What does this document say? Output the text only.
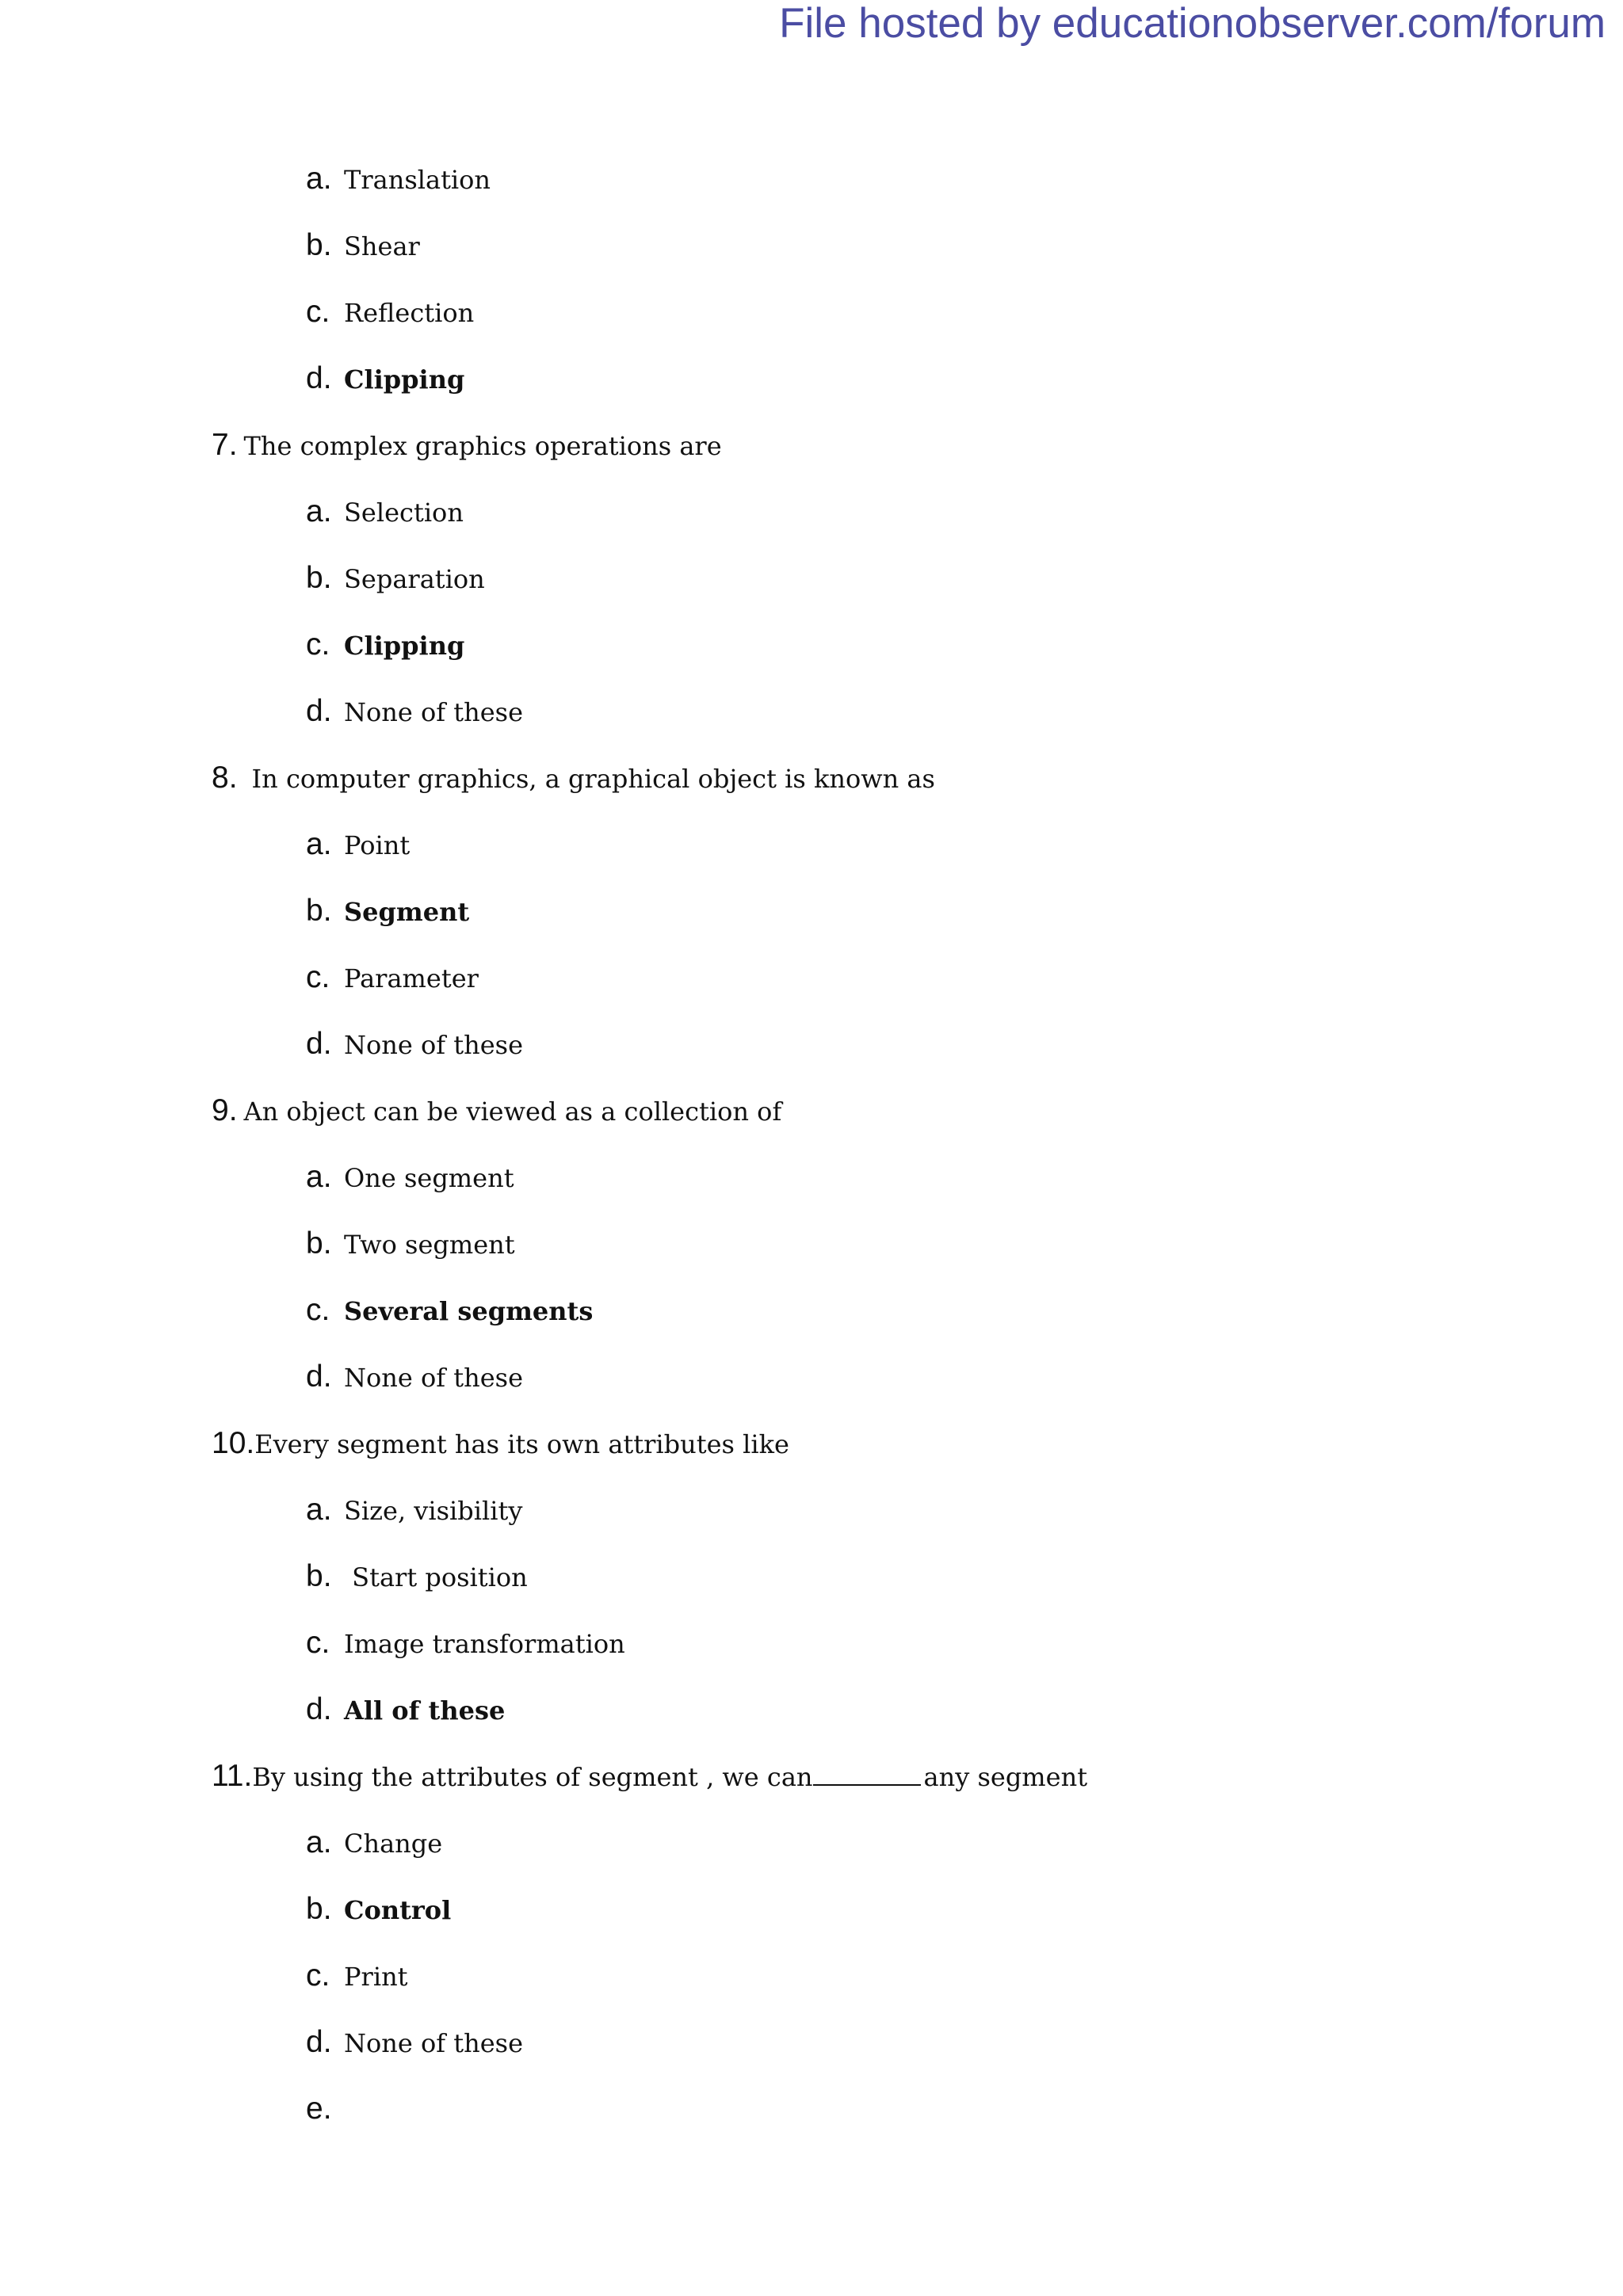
File hosted by educationobserver.com/forum
a. Translation
b. Shear
c. Reflection
d. Clipping
7. The complex graphics operations are
a. Selection
b. Separation
c. Clipping
d. None of these
8. In computer graphics, a graphical object is known as
a. Point
b. Segment
c. Parameter
d. None of these
9. An object can be viewed as a collection of
a. One segment
b. Two segment
c. Several segments
d. None of these
10.Every segment has its own attributes like
a. Size, visibility
b. Start position
c. Image transformation
d. All of these
11.By using the attributes of segment , we can	any segment
a. Change
b. Control
c. Print
d. None of these
e.
